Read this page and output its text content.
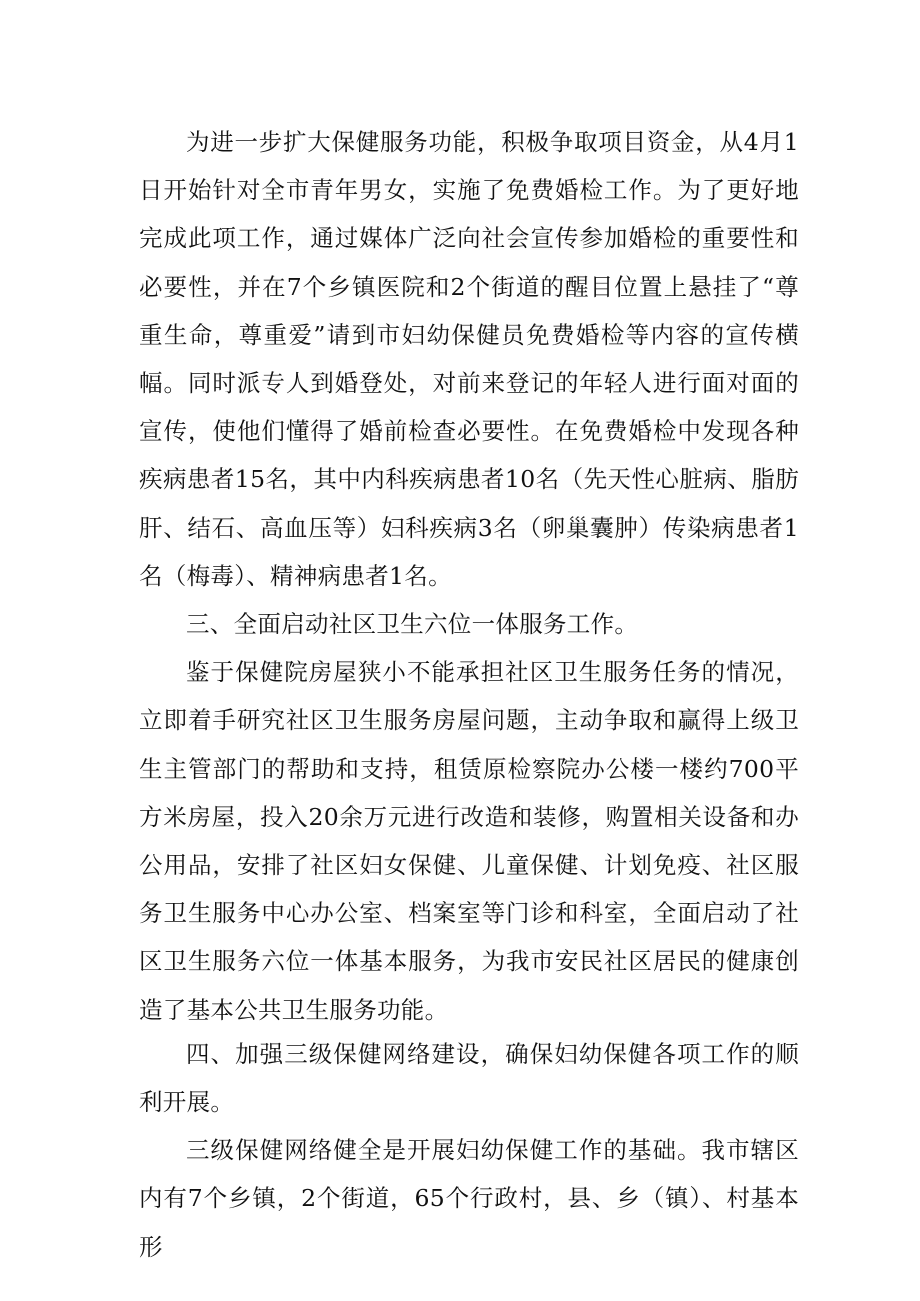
为进一步扩大保健服务功能，积极争取项目资金，从4月1日开始针对全市青年男女，实施了免费婚检工作。为了更好地完成此项工作，通过媒体广泛向社会宣传参加婚检的重要性和必要性，并在7个乡镇医院和2个街道的醒目位置上悬挂了“尊重生命，尊重爱”请到市妇幼保健员免费婚检等内容的宣传横幅。同时派专人到婚登处，对前来登记的年轻人进行面对面的宣传，使他们懂得了婚前检查必要性。在免费婚检中发现各种疾病患者15名，其中内科疾病患者10名（先天性心脏病、脂肪肝、结石、高血压等）妇科疾病3名（卵巢囊肿）传染病患者1名（梅毒）、精神病患者1名。

三、全面启动社区卫生六位一体服务工作。

鉴于保健院房屋狭小不能承担社区卫生服务任务的情况，立即着手研究社区卫生服务房屋问题，主动争取和赢得上级卫生主管部门的帮助和支持，租赁原检察院办公楼一楼约700平方米房屋，投入20余万元进行改造和装修，购置相关设备和办公用品，安排了社区妇女保健、儿童保健、计划免疫、社区服务卫生服务中心办公室、档案室等门诊和科室，全面启动了社区卫生服务六位一体基本服务，为我市安民社区居民的健康创造了基本公共卫生服务功能。

四、加强三级保健网络建设，确保妇幼保健各项工作的顺利开展。

三级保健网络健全是开展妇幼保健工作的基础。我市辖区内有7个乡镇，2个街道，65个行政村，县、乡（镇）、村基本形
